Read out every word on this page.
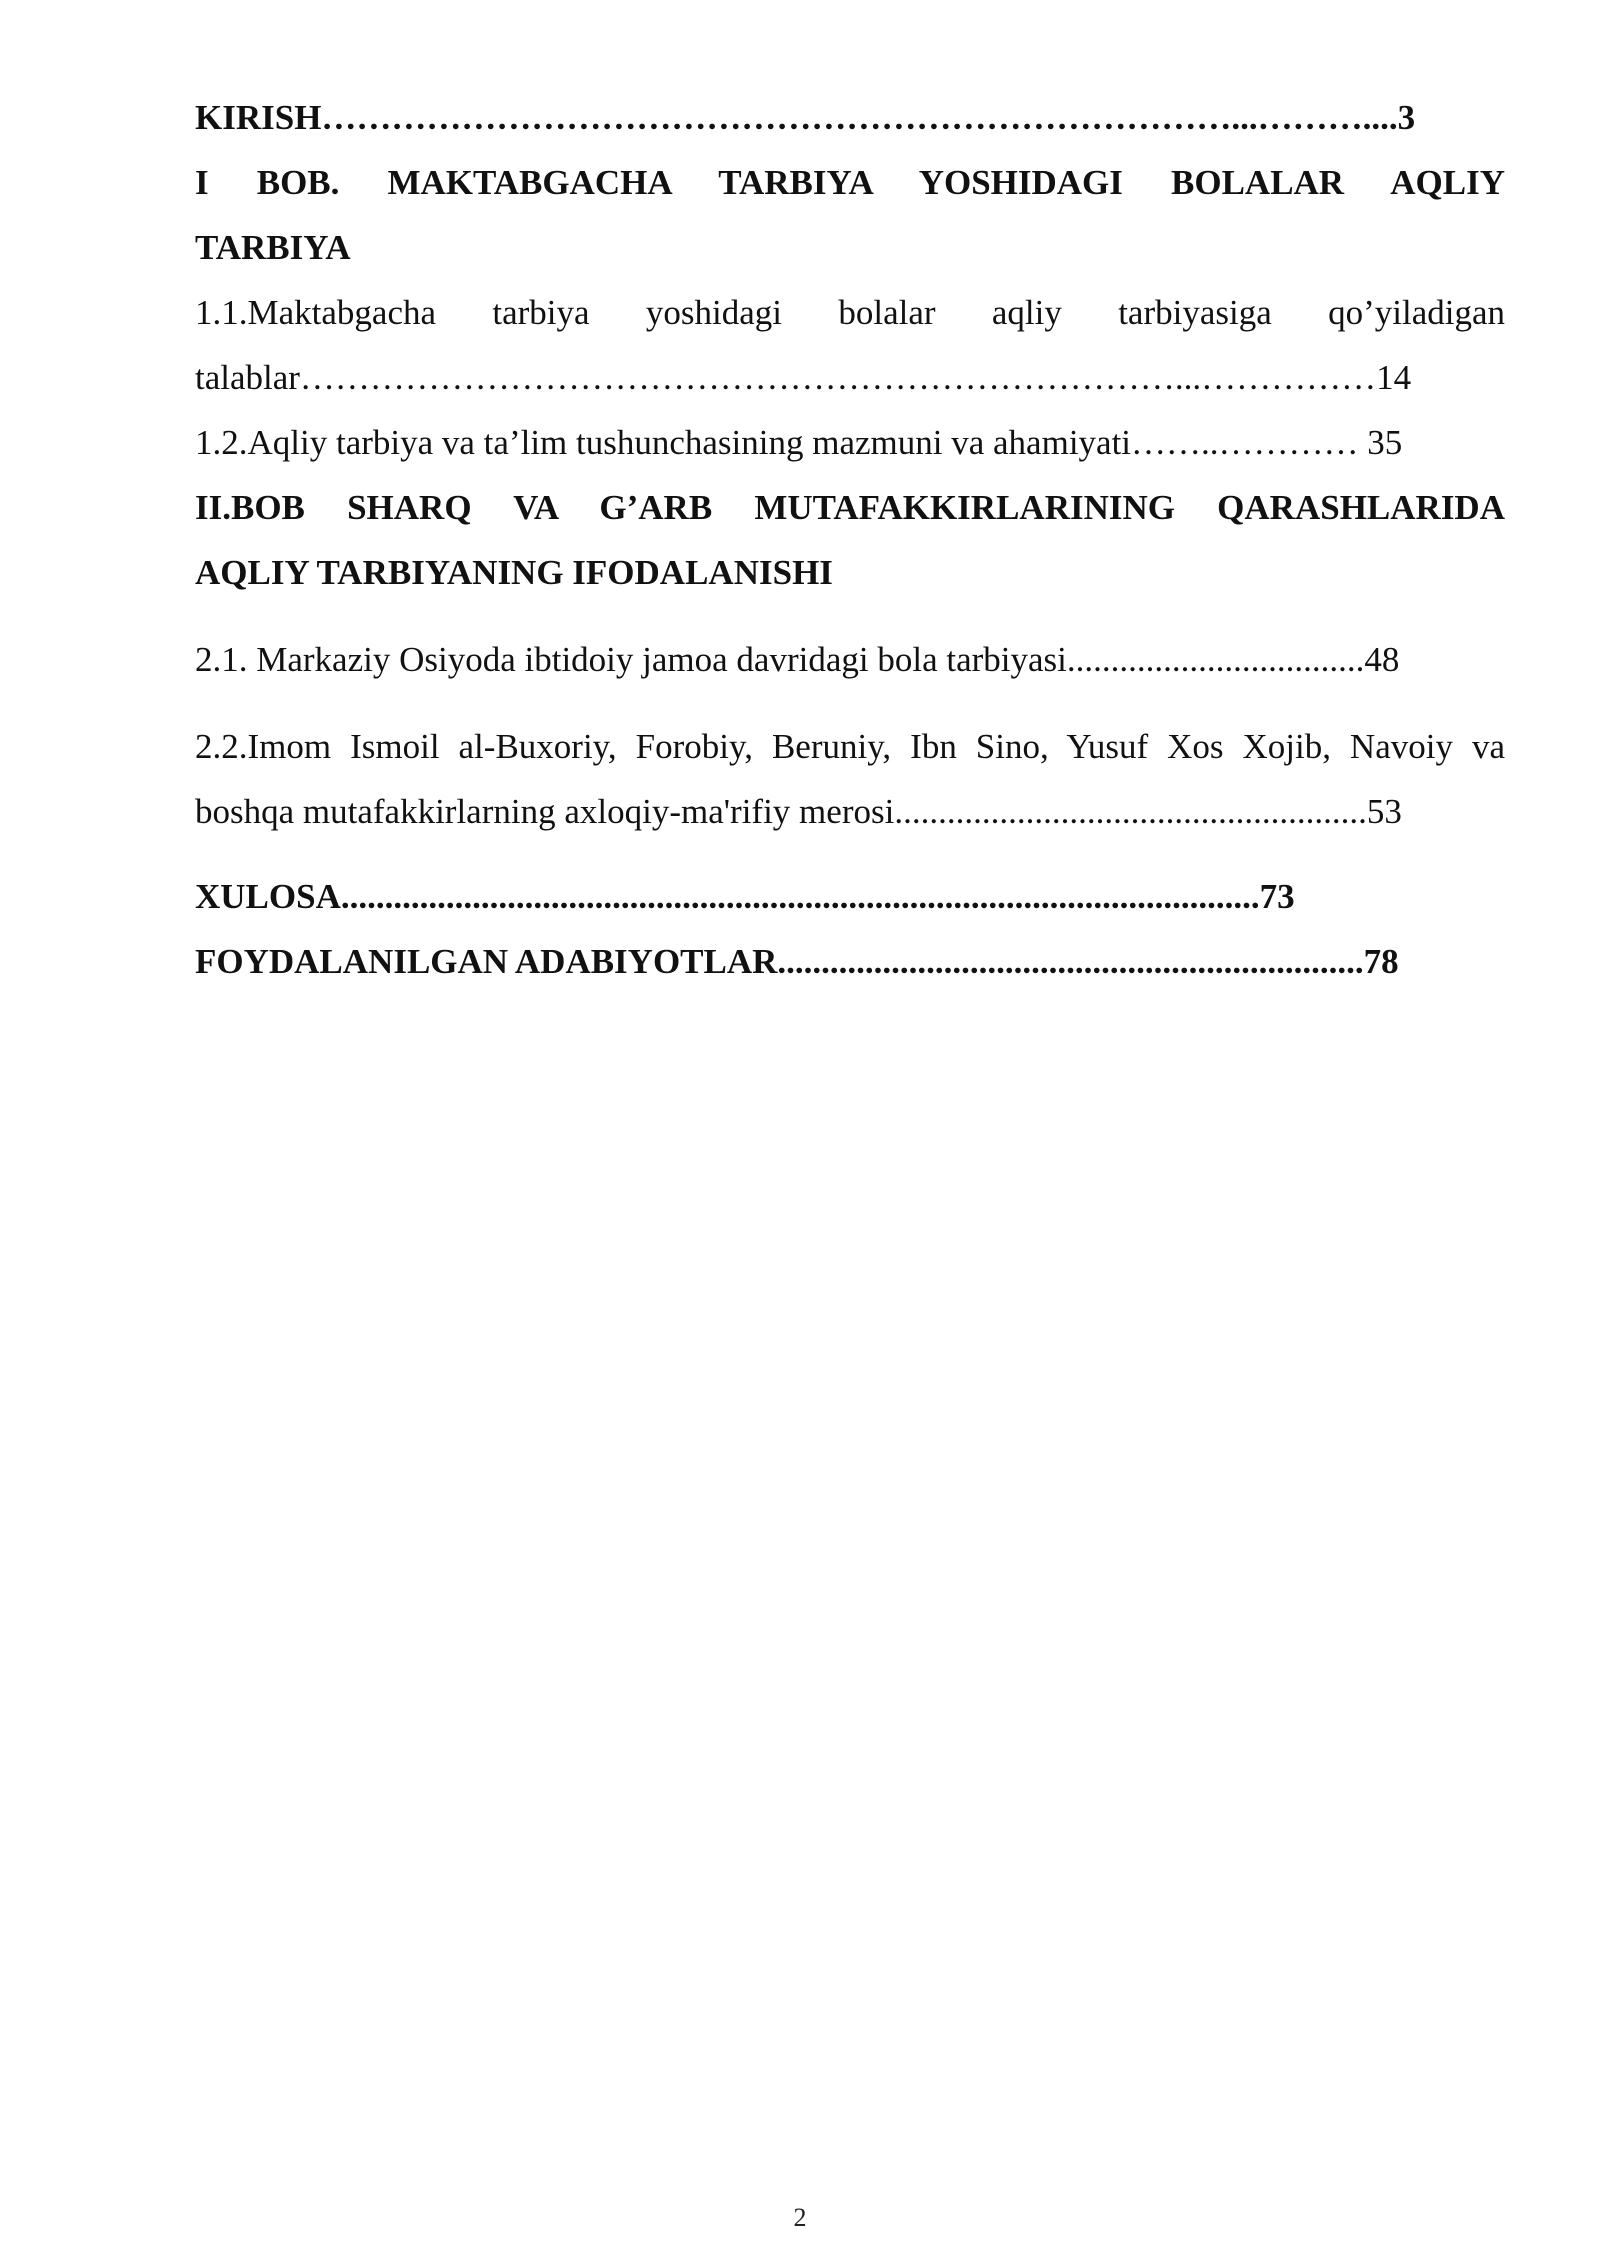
KIRISH……………………………………………………………………...………....3

I BOB. MAKTABGACHA TARBIYA YOSHIDAGI BOLALAR AQLIY

TARBIYA

1.1.Maktabgacha tarbiya yoshidagi bolalar aqliy tarbiyasiga qo’yiladigan

talablar…………………………………………………………………...……………14

1.2.Aqliy tarbiya va ta’lim tushunchasining mazmuni va ahamiyati……..………… 35

II.BOB SHARQ VA G’ARB MUTAFAKKIRLARINING QARASHLARIDA

AQLIY TARBIYANING IFODALANISHI

2.1. Markaziy Osiyoda ibtidoiy jamoa davridagi bola tarbiyasi..................................48

2.2.Imom Ismoil al-Buxoriy, Forobiy, Beruniy, Ibn Sino, Yusuf Xos Xojib, Navoiy va

boshqa mutafakkirlarning axloqiy-ma'rifiy merosi......................................................53

XULOSA.........................................................................................................73

FOYDALANILGAN ADABIYOTLAR...................................................................78

2
